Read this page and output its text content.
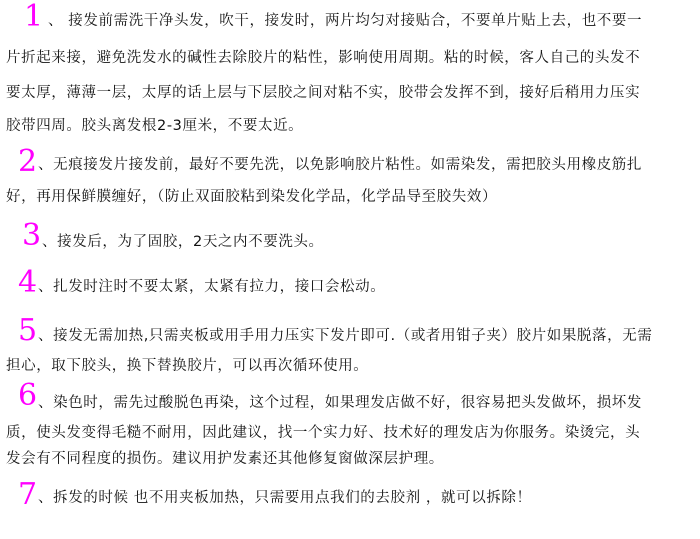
1 、 接发前需洗干净头发，吹干，接发时，两片均匀对接贴合，不要单片贴上去，也不要一
片折起来接，避免洗发水的碱性去除胶片的粘性，影响使用周期。粘的时候，客人自己的头发不
要太厚，薄薄一层，太厚的话上层与下层胶之间对粘不实，胶带会发挥不到，接好后稍用力压实
胶带四周。胶头离发根2-3厘米，不要太近。
2 、无痕接发片接发前，最好不要先洗，以免影响胶片粘性。如需染发，需把胶头用橡皮筋扎
好，再用保鲜膜缠好，（防止双面胶粘到染发化学品，化学品导至胶失效）
3 、接发后，为了固胶，2天之内不要洗头。
4 、扎发时注时不要太紧，太紧有拉力，接口会松动。
5 、接发无需加热,只需夹板或用手用力压实下发片即可.（或者用钳子夹）胶片如果脱落，无需
担心，取下胶头，换下替换胶片，可以再次循环使用。
6 、染色时，需先过酸脱色再染，这个过程，如果理发店做不好，很容易把头发做坏，损坏发
质，使头发变得毛糙不耐用，因此建议，找一个实力好、技术好的理发店为你服务。染烫完，头
发会有不同程度的损伤。建议用护发素还其他修复窗做深层护理。
7 、拆发的时候 也不用夹板加热，只需要用点我们的去胶剂 ，就可以拆除！
